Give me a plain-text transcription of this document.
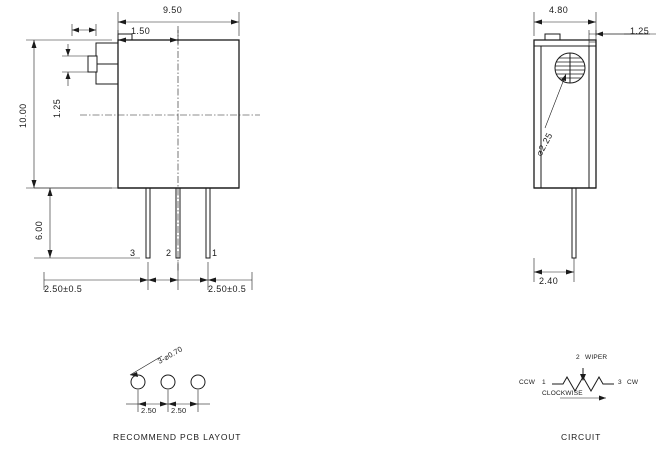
9.50
1.50
10.00	1.25
6.00
3	2	1
2.50±0.5	2.50±0.5
4.80
1.25
⌀2.25
2.40
3-⌀0.70
2.50 2.50
RECOMMEND PCB LAYOUT
2 WIPER
CCW 1	3 CW
CLOCKWISE
CIRCUIT
